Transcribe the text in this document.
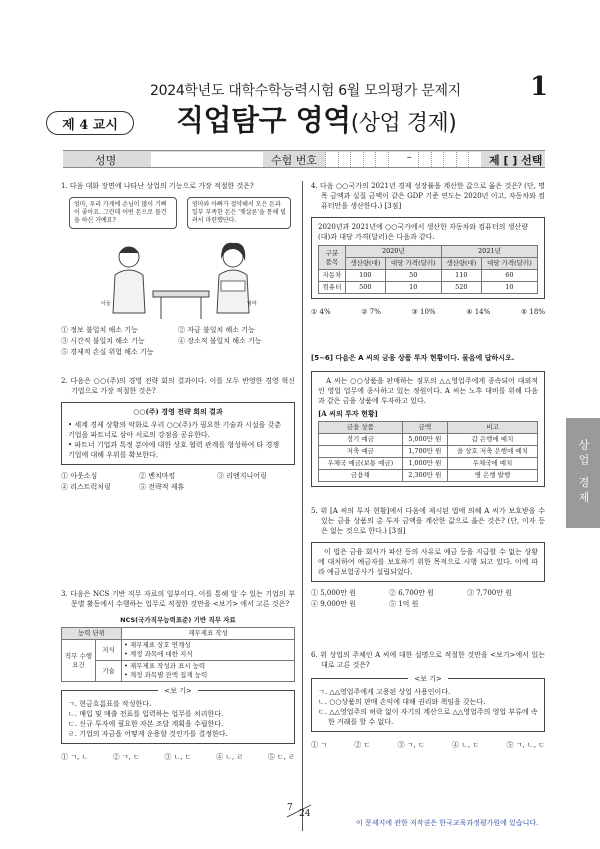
2024학년도 대학수학능력시험 6월 모의평가 문제지	1
제 4 교시	직업탐구 영역(상업 경제)
성명	수험 번호	–	제 [ ] 선택
상업 경제
1. 다음 대화 장면에 나타난 상업의 기능으로 가장 적절한 것은?
엄마, 우리 가게에 손님이 많이 기뻐이 좋아요. 그런데 어떤 돈으로 물건을 하신 거예요?
엄마와 아빠가 절약해서 모은 돈과 일부 부족한 돈은 '햇살론'을 통해 빌려서 마련했단다.
아들	엄마
① 정보 불일치 해소 기능	② 자금 불일치 해소 기능
③ 시간적 불일치 해소 기능	④ 장소적 불일치 해소 기능
⑤ 경제적 손실 위험 해소 기능
2. 다음은 ○○(주)의 경영 전략 회의 결과이다. 이를 모두 반영한 경영 혁신 기법으로 가장 적절한 것은?
○○(주) 경영 전략 회의 결과
• 세계 경제 상황의 악화로 우리 ○○(주)가 필요한 기술과 시설을 갖춘 기업을 파트너로 삼아 서로의 강점을 공유한다.
• 파트너 기업과 특정 분야에 대한 상호 협력 관계를 형성하여 타 경쟁 기업에 대해 우위를 확보한다.
① 아웃소싱	② 벤치마킹	③ 리엔지니어링
④ 리스트럭처링	⑤ 전략적 제휴
3. 다음은 NCS 기반 직무 자료의 일부이다. 이를 통해 알 수 있는 기업의 부문별 활동에서 수행하는 업무로 적절한 것만을 <보기> 에서 고른 것은?
NCS(국가직무능력표준) 기반 직무 자료
능력 단위		재무제표 작성
직무 수행 요건	지식	• 재무제표 상호 연계성
• 계정 과목에 대한 지식

	기술	• 재무제표 작성과 표시 능력
• 계정 과목별 잔액 집계 능력
<보 기>
ㄱ. 현금흐름표를 작성한다.
ㄴ. 매입 및 매출 전표를 입력하는 업무를 처리한다.
ㄷ. 신규 투자에 필요한 자본 조달 계획을 수립한다.
ㄹ. 기업의 자금을 어떻게 운용할 것인가를 결정한다.
① ㄱ, ㄴ	② ㄱ, ㄷ	③ ㄴ, ㄷ	④ ㄴ, ㄹ	⑤ ㄷ, ㄹ
4. 다음 ○○국가의 2021년 경제 성장률을 계산한 값으로 옳은 것은? (단, 명목 금액과 실질 금액이 같은 GDP 기준 연도는 2020년 이고, 자동차와 컴퓨터만을 생산한다.) [3점]
2020년과 2021년에 ○○국가에서 생산한 자동차와 컴퓨터의 생산량(대)과 대당 가격(달러)은 다음과 같다.
구분
품목	2020년		2021년	
	생산량(대)	대당 가격(달러)	생산량(대)	대당 가격(달러)
자동차	100	50	110	60
컴퓨터	500	10	520	10
① 4%	② 7%	③ 10%	④ 14%	⑤ 18%
[5~6] 다음은 A 씨의 금융 상품 투자 현황이다. 물음에 답하시오.
A 씨는 ○○상품을 판매하는 점포의 △△영업주에게 종속되어 대외적인 영업 업무에 종사하고 있는 정원이다. A 씨는 노후 대비를 위해 다음과 같은 금융 상품에 투자하고 있다.
[A 씨의 투자 현황]
금융 상품	금액	비고
정기 예금	5,000만 원	갑 은행에 예치
저축 예금	1,700만 원	을 상호 저축 은행에 예치
우체국 예금(보통 예금)	1,000만 원	우체국에 예치
금융채	2,300만 원	병 은행 발행
5. 위 [A 씨의 투자 현황]에서 다음에 제시된 법에 의해 A 씨가 보호받을 수 있는 금융 상품의 총 투자 금액을 계산한 값으로 옳은 것은? (단, 이자 등은 없는 것으로 한다.) [3점]
이 법은 금융 회사가 파산 등의 사유로 예금 등을 지급할 수 없는 상황에 대처하여 예금자를 보호하기 위한 목적으로 시행 되고 있다. 이에 따라 예금보험공사가 설립되었다.
① 5,000만 원	② 6,700만 원	③ 7,700만 원
④ 9,000만 원	⑤ 1억 원
6. 위 상업의 주체인 A 씨에 대한 설명으로 적절한 것만을 <보기>에서 있는 대로 고른 것은?
<보 기>
ㄱ. △△영업주에게 고용된 상업 사용인이다.
ㄴ. ○○상품의 판매 손익에 대해 권리와 책임을 갖는다.
ㄷ. △△영업주의 허락 없이 자기의 계산으로 △△영업주의 영업 부류에 속한 거래를 할 수 없다.
① ㄱ	② ㄷ	③ ㄱ, ㄷ	④ ㄴ, ㄷ	⑤ ㄱ, ㄴ, ㄷ
7
24
이 문제지에 관한 저작권은 한국교육과정평가원에 있습니다.
